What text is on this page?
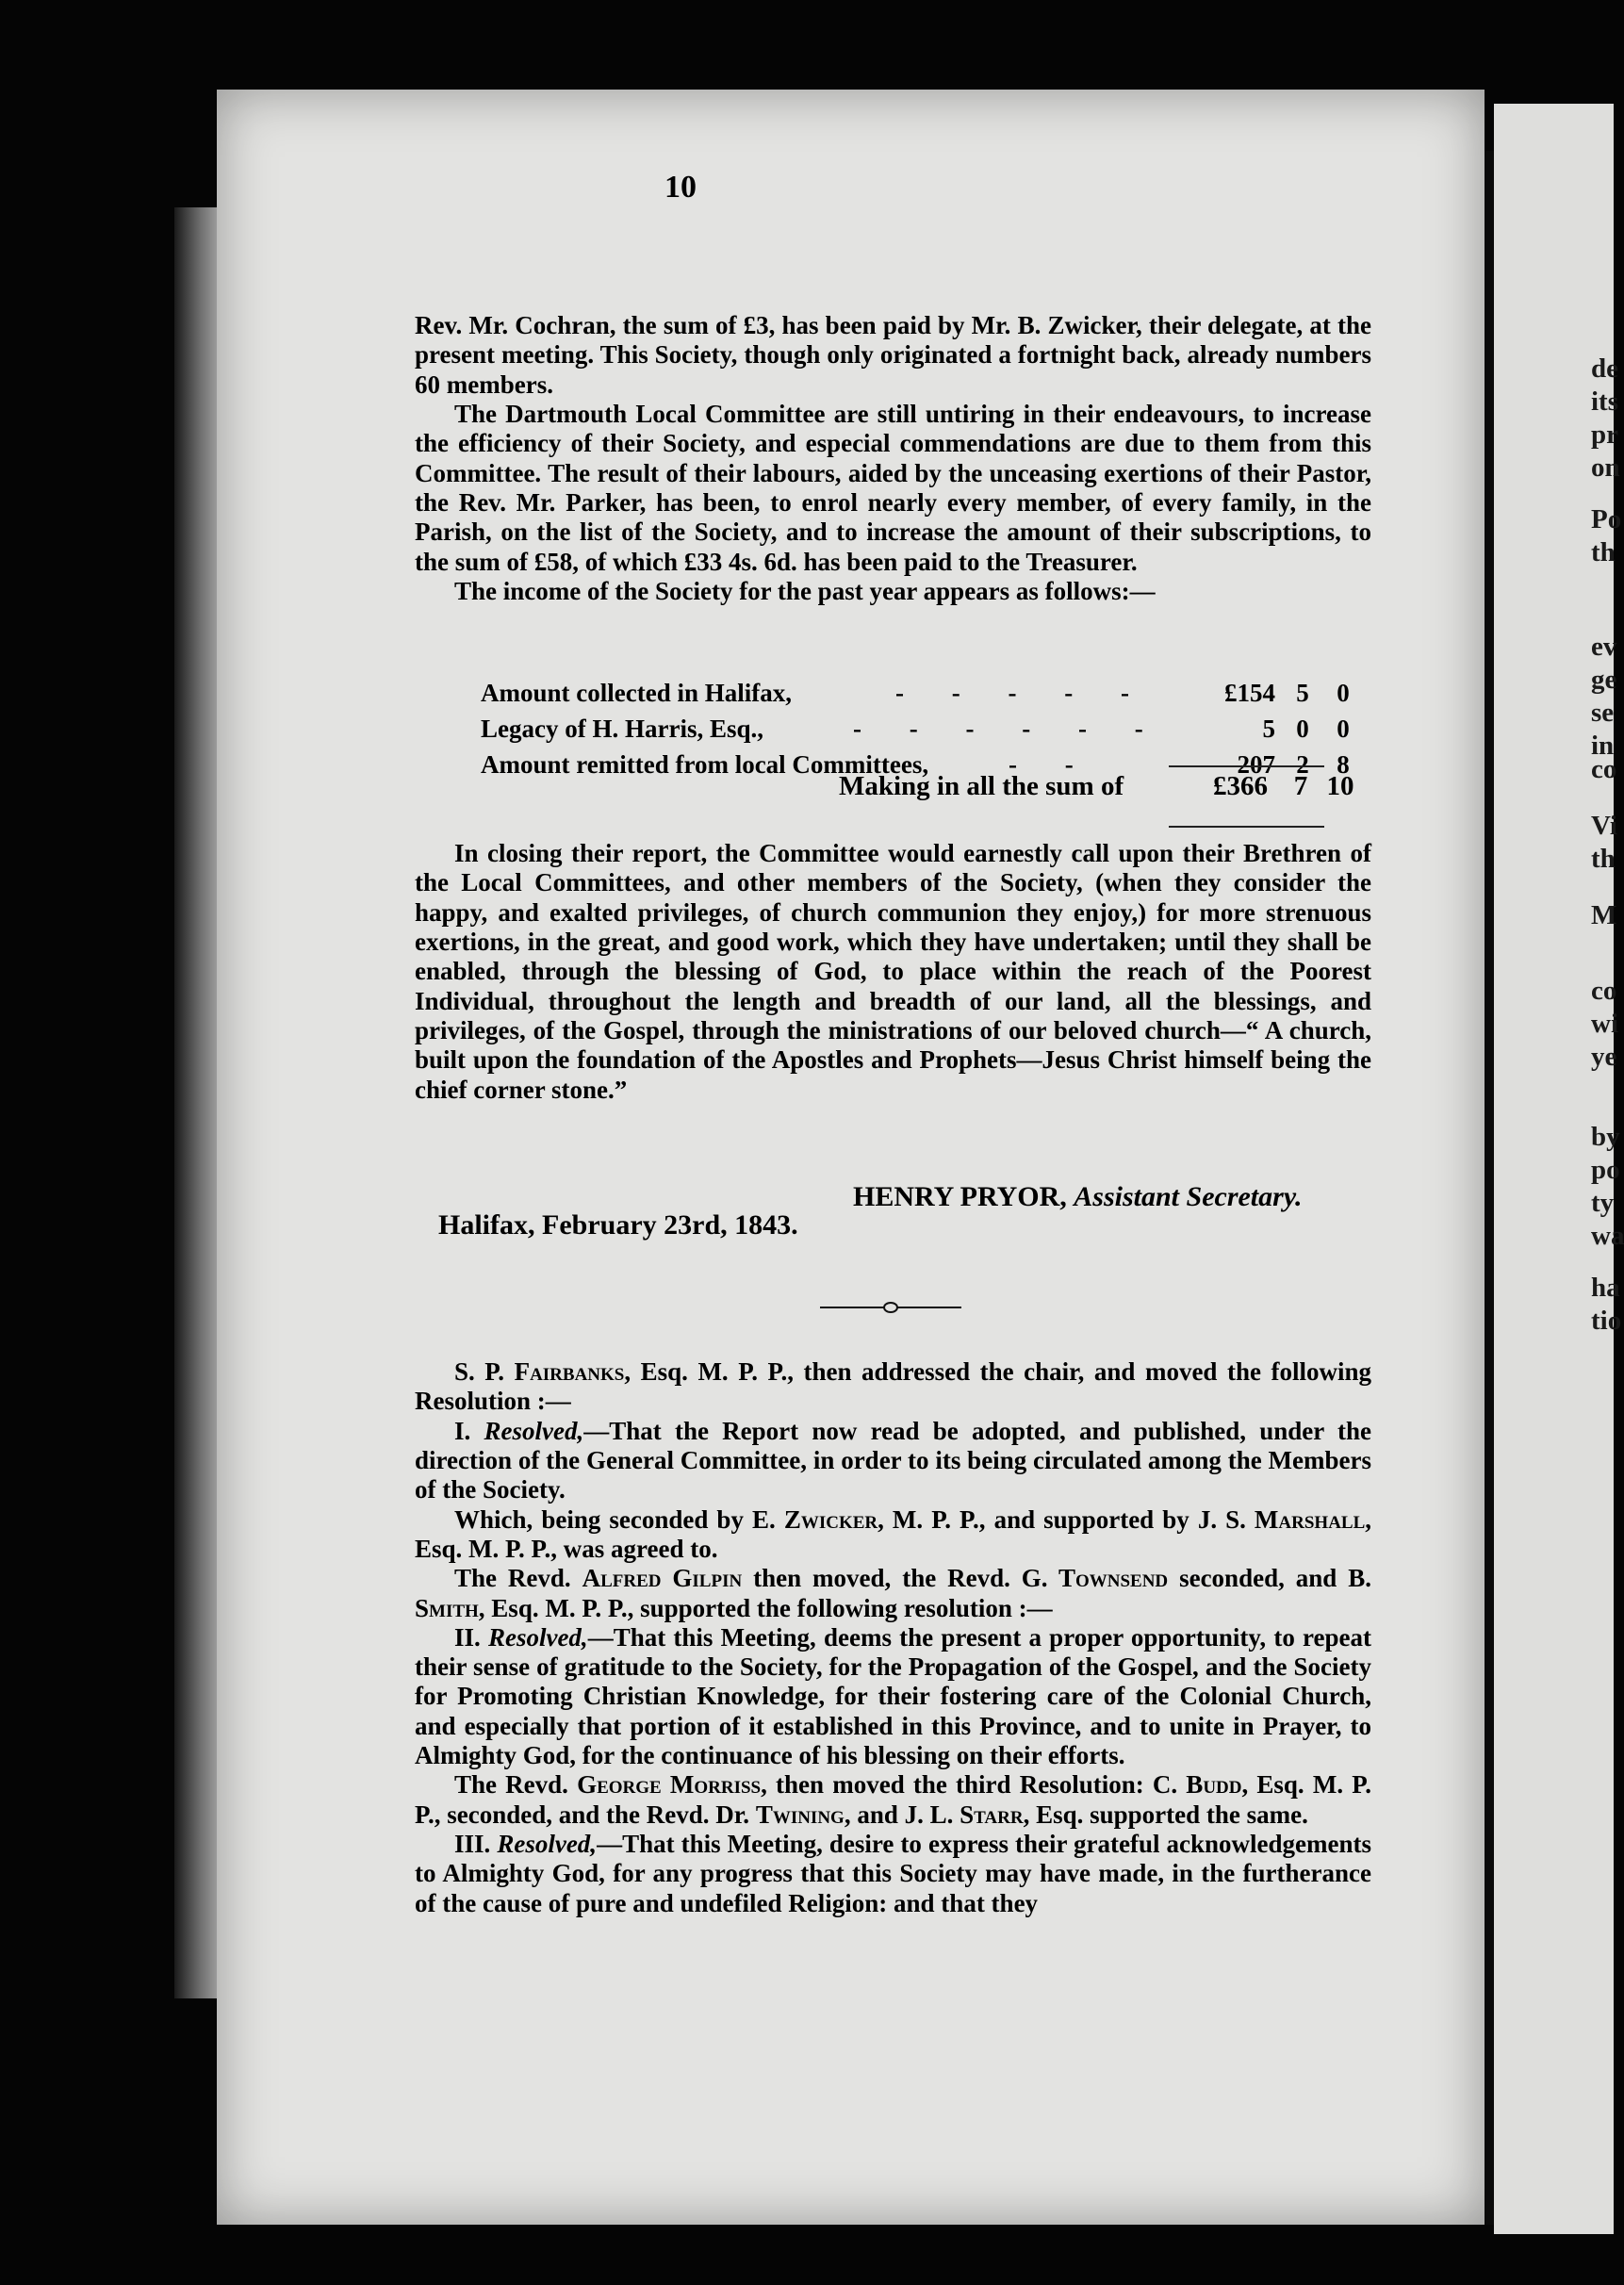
10

Rev. Mr. Cochran, the sum of £3, has been paid by Mr. B. Zwicker, their delegate, at the present meeting. This Society, though only originated a fortnight back, already numbers 60 members.

The Dartmouth Local Committee are still untiring in their endeavours, to increase the efficiency of their Society, and especial commendations are due to them from this Committee. The result of their labours, aided by the unceasing exertions of their Pastor, the Rev. Mr. Parker, has been, to enrol nearly every member, of every family, in the Parish, on the list of the Society, and to increase the amount of their subscriptions, to the sum of £58, of which £33 4s. 6d. has been paid to the Treasurer.

The income of the Society for the past year appears as follows:—

Amount collected in Halifax,	- - - - -	£154 5	0
Legacy of H. Harris, Esq.,	- - - - - -	5 0	0
Amount remitted from local Committees,	- -	207 2	8
Making in all the sum of	£366 7 10

In closing their report, the Committee would earnestly call upon their Brethren of the Local Committees, and other members of the Society, (when they consider the happy, and exalted privileges, of church communion they enjoy,) for more strenuous exertions, in the great, and good work, which they have undertaken; until they shall be enabled, through the blessing of God, to place within the reach of the Poorest Individual, throughout the length and breadth of our land, all the blessings, and privileges, of the Gospel, through the ministrations of our beloved church—“ A church, built upon the foundation of the Apostles and Prophets—Jesus Christ himself being the chief corner stone.”

HENRY PRYOR, Assistant Secretary.
Halifax, February 23rd, 1843.

S. P. Fairbanks, Esq. M. P. P., then addressed the chair, and moved the following Resolution :—

I. Resolved,—That the Report now read be adopted, and published, under the direction of the General Committee, in order to its being circulated among the Members of the Society.

Which, being seconded by E. Zwicker, M. P. P., and supported by J. S. Marshall, Esq. M. P. P., was agreed to.

The Revd. Alfred Gilpin then moved, the Revd. G. Townsend seconded, and B. Smith, Esq. M. P. P., supported the following resolution :—

II. Resolved,—That this Meeting, deems the present a proper opportunity, to repeat their sense of gratitude to the Society, for the Propagation of the Gospel, and the Society for Promoting Christian Knowledge, for their fostering care of the Colonial Church, and especially that portion of it established in this Province, and to unite in Prayer, to Almighty God, for the continuance of his blessing on their efforts.

The Revd. George Morriss, then moved the third Resolution: C. Budd, Esq. M. P. P., seconded, and the Revd. Dr. Twining, and J. L. Starr, Esq. supported the same.

III. Resolved,—That this Meeting, desire to express their grateful acknowledgements to Almighty God, for any progress that this Society may have made, in the furtherance of the cause of pure and undefiled Religion: and that they

de
its
pr
on
Po
th
ev
ge
se
in
co
Vi
th
M
co
wi
ye
by
po
ty
wa
ha
tio
